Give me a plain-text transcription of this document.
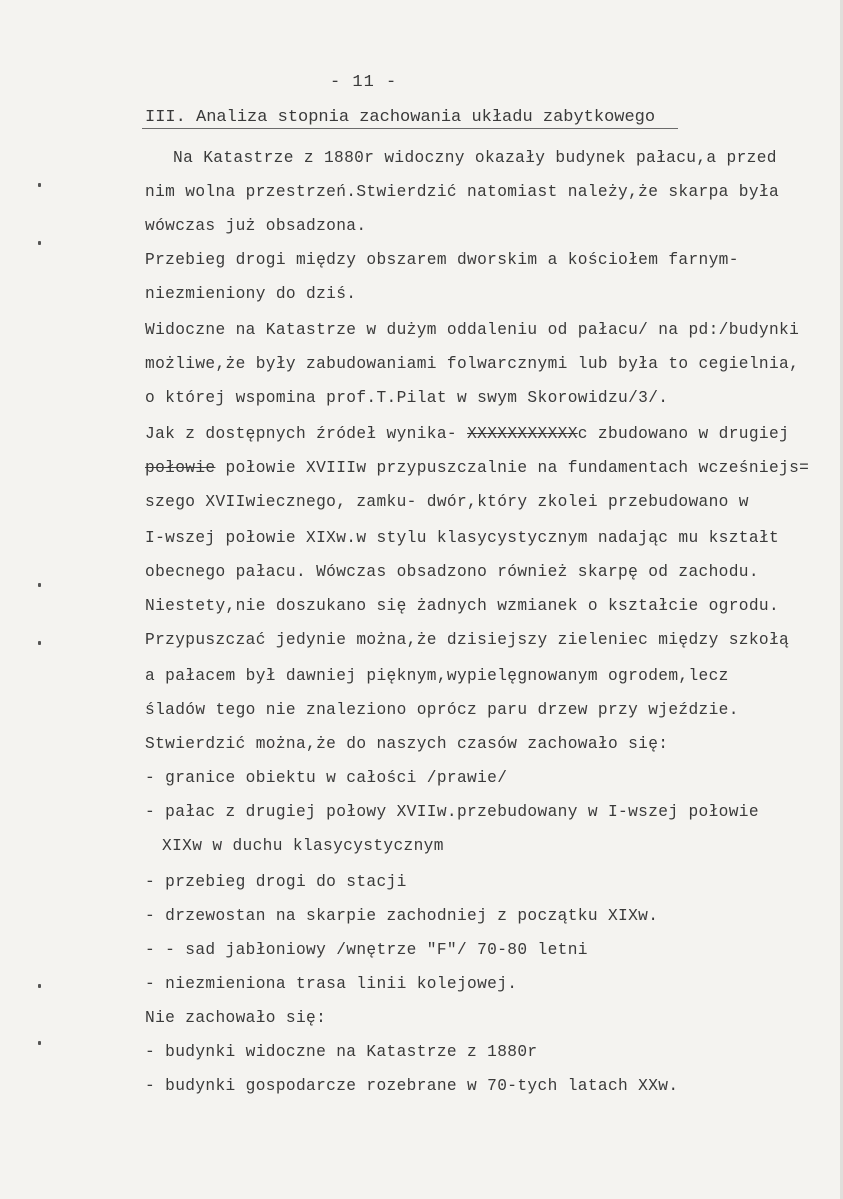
- 11 -
III. Analiza stopnia zachowania układu zabytkowego
Na Katastrze z 1880r widoczny okazały budynek pałacu,a przed
nim wolna przestrzeń.Stwierdzić natomiast należy,że skarpa była
wówczas już obsadzona.
Przebieg drogi między obszarem dworskim a kościołem farnym-
niezmieniony do dziś.
Widoczne na Katastrze w dużym oddaleniu od pałacu/ na pd:/budynki
możliwe,że były zabudowaniami folwarcznymi lub była to cegielnia,
o której wspomina prof.T.Pilat w swym Skorowidzu/3/.
Jak z dostępnych źródeł wynika- XXXXXXXXXXXc zbudowano w drugiej
połowie połowie XVIIIw przypuszczalnie na fundamentach wcześniejs=
szego XVIIwiecznego, zamku- dwór,który zkolei przebudowano w
I-wszej połowie XIXw.w stylu klasycystycznym nadając mu kształt
obecnego pałacu. Wówczas obsadzono również skarpę od zachodu.
Niestety,nie doszukano się żadnych wzmianek o kształcie ogrodu.
Przypuszczać jedynie można,że dzisiejszy zieleniec między szkołą
a pałacem był dawniej pięknym,wypielęgnowanym ogrodem,lecz
śladów tego nie znaleziono oprócz paru drzew przy wjeździe.
Stwierdzić można,że do naszych czasów zachowało się:
- granice obiektu w całości /prawie/
- pałac z drugiej połowy XVIIw.przebudowany w I-wszej połowie
XIXw w duchu klasycystycznym
- przebieg drogi do stacji
- drzewostan na skarpie zachodniej z początku XIXw.
- - sad jabłoniowy /wnętrze "F"/ 70-80 letni
- niezmieniona trasa linii kolejowej.
Nie zachowało się:
- budynki widoczne na Katastrze z 1880r
- budynki gospodarcze rozebrane w 70-tych latach XXw.
